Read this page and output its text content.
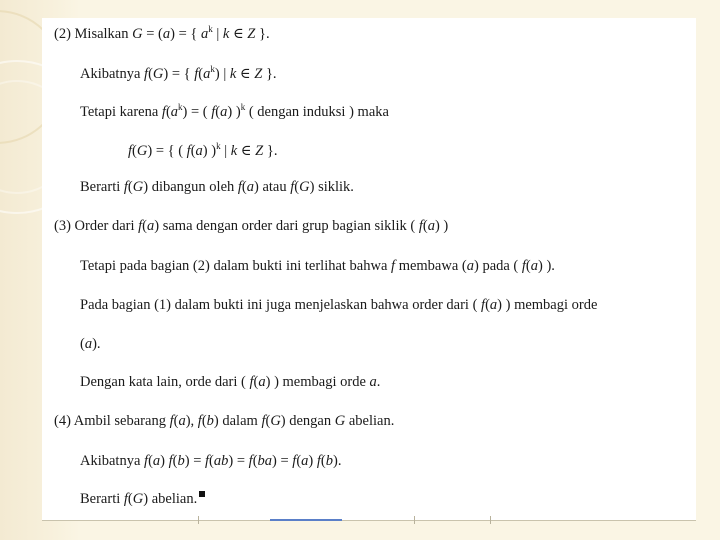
(2) Misalkan G = (a) = { $a^k$ | k ∈ Z }.
Akibatnya f(G) = { $f(a^k)$ | k ∈ Z }.
Tetapi karena $f(a^k)$ = ( f(a) )$^k$ ( dengan induksi ) maka
f(G) = { ( f(a) )$^k$ | k ∈ Z }.
Berarti f(G) dibangun oleh f(a) atau f(G) siklik.
(3) Order dari f(a) sama dengan order dari grup bagian siklik ( f(a) )
Tetapi pada bagian (2) dalam bukti ini terlihat bahwa f membawa (a) pada ( f(a) ).
Pada bagian (1) dalam bukti ini juga menjelaskan bahwa order dari ( f(a) ) membagi orde
(a).
Dengan kata lain, orde dari ( f(a) ) membagi orde a.
(4) Ambil sebarang f(a), f(b) dalam f(G) dengan G abelian.
Akibatnya f(a) f(b) = f(ab) = f(ba) = f(a) f(b).
Berarti f(G) abelian.
